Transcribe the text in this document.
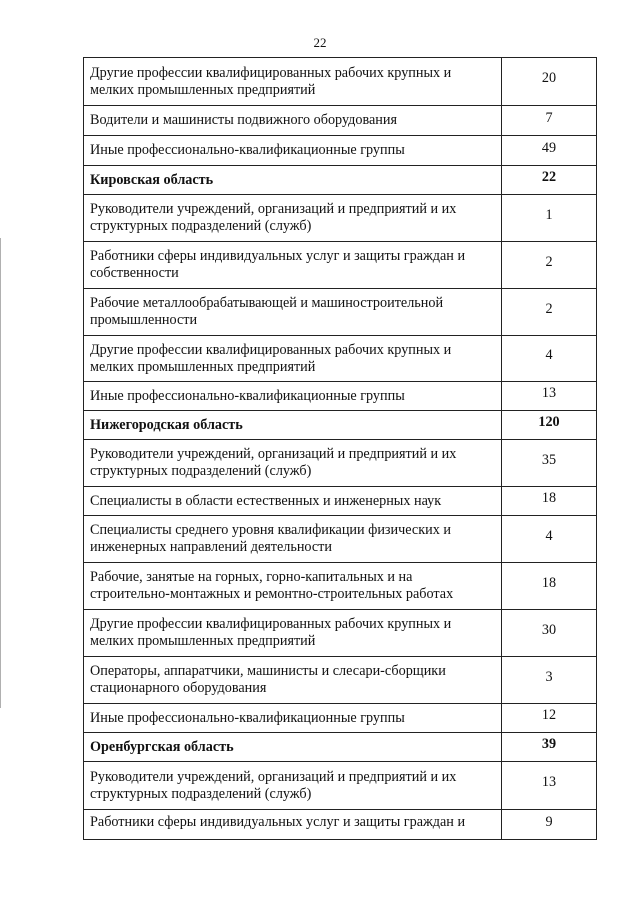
22
Другие профессии квалифицированных рабочих крупных и мелких промышленных предприятий	20
Водители и машинисты подвижного оборудования	7
Иные профессионально-квалификационные группы	49
Кировская область	22
Руководители учреждений, организаций и предприятий и их структурных подразделений (служб)	1
Работники сферы индивидуальных услуг и защиты граждан и собственности	2
Рабочие металлообрабатывающей и машиностроительной промышленности	2
Другие профессии квалифицированных рабочих крупных и мелких промышленных предприятий	4
Иные профессионально-квалификационные группы	13
Нижегородская область	120
Руководители учреждений, организаций и предприятий и их структурных подразделений (служб)	35
Специалисты в области естественных и инженерных наук	18
Специалисты среднего уровня квалификации физических и инженерных направлений деятельности	4
Рабочие, занятые на горных, горно-капитальных и на строительно-монтажных и ремонтно-строительных работах	18
Другие профессии квалифицированных рабочих крупных и мелких промышленных предприятий	30
Операторы, аппаратчики, машинисты и слесари-сборщики стационарного оборудования	3
Иные профессионально-квалификационные группы	12
Оренбургская область	39
Руководители учреждений, организаций и предприятий и их структурных подразделений (служб)	13
Работники сферы индивидуальных услуг и защиты граждан и	9
